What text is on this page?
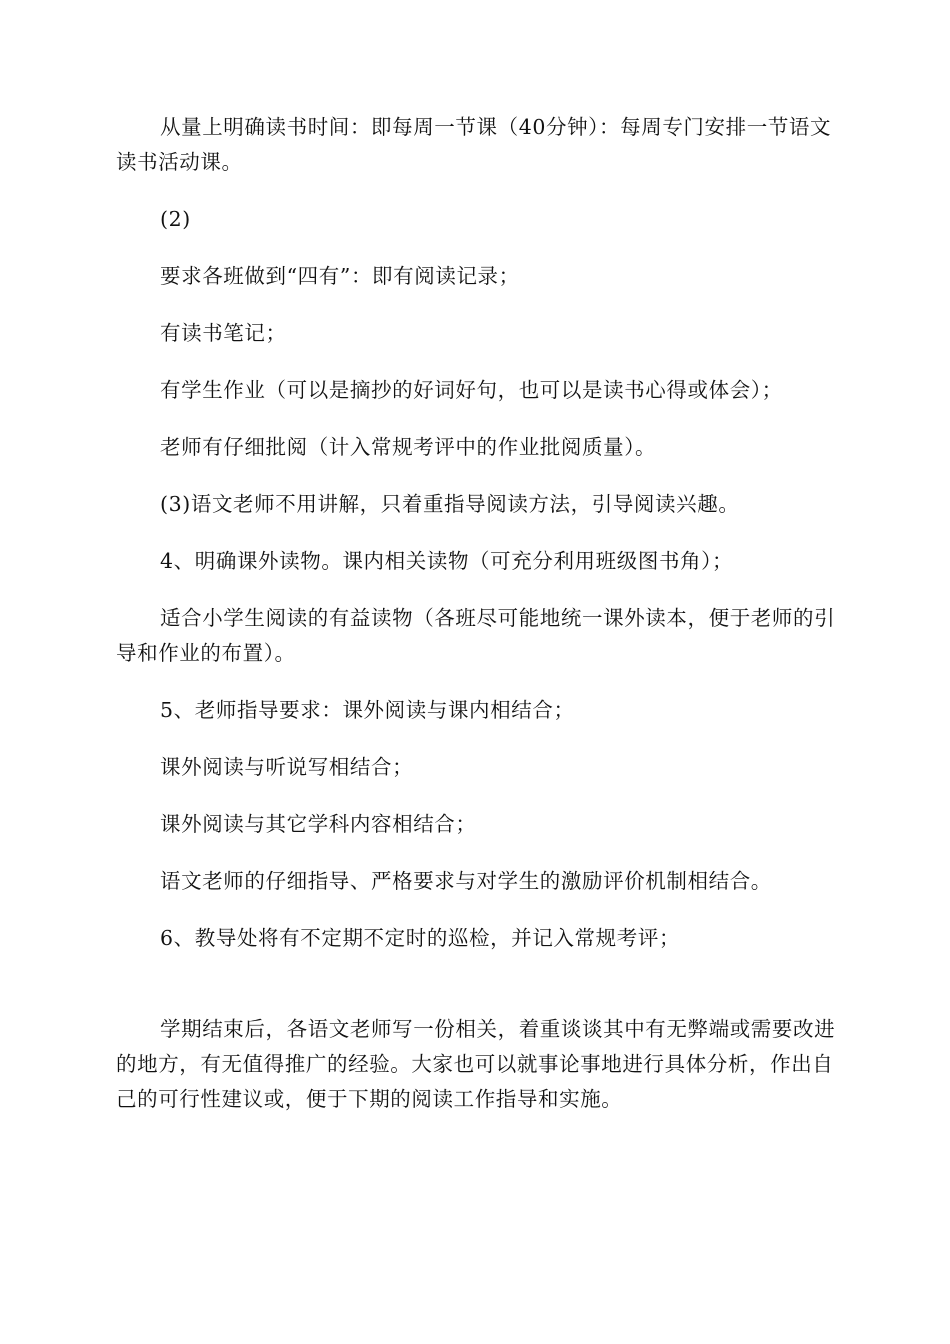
从量上明确读书时间：即每周一节课（40分钟）：每周专门安排一节语文读书活动课。

(2)

要求各班做到“四有”：即有阅读记录；

有读书笔记；

有学生作业（可以是摘抄的好词好句，也可以是读书心得或体会）；

老师有仔细批阅（计入常规考评中的作业批阅质量）。

(3)语文老师不用讲解，只着重指导阅读方法，引导阅读兴趣。

4、明确课外读物。课内相关读物（可充分利用班级图书角）；

适合小学生阅读的有益读物（各班尽可能地统一课外读本，便于老师的引导和作业的布置）。

5、老师指导要求：课外阅读与课内相结合；

课外阅读与听说写相结合；

课外阅读与其它学科内容相结合；

语文老师的仔细指导、严格要求与对学生的激励评价机制相结合。

6、教导处将有不定期不定时的巡检，并记入常规考评；

学期结束后，各语文老师写一份相关，着重谈谈其中有无弊端或需要改进的地方，有无值得推广的经验。大家也可以就事论事地进行具体分析，作出自己的可行性建议或，便于下期的阅读工作指导和实施。
